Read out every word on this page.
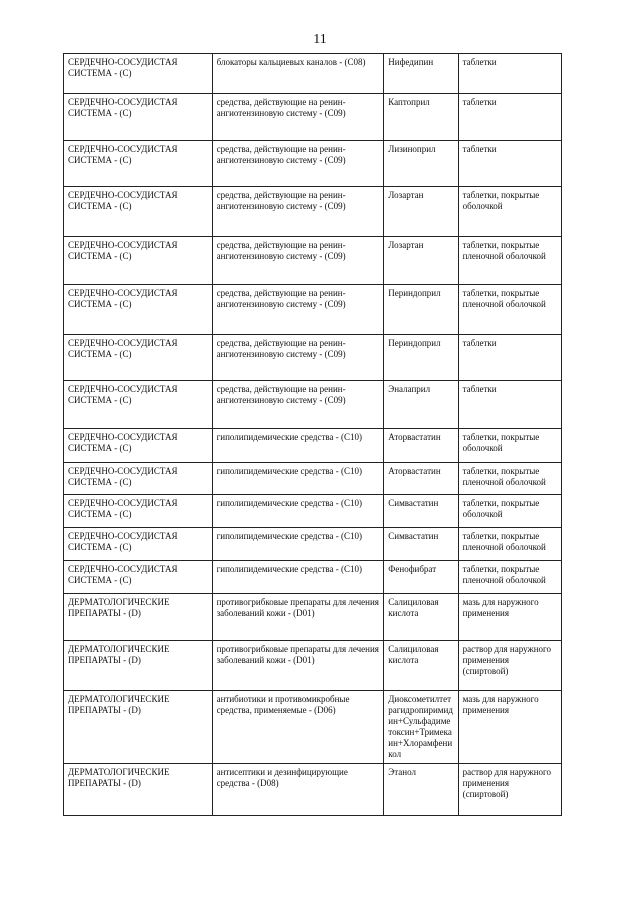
11
СЕРДЕЧНО-СОСУДИСТАЯ СИСТЕМА - (С)	блокаторы кальциевых каналов - (С08)	Нифедипин	таблетки
СЕРДЕЧНО-СОСУДИСТАЯ СИСТЕМА - (С)	средства, действующие на ренин-ангиотензиновую систему - (С09)	Каптоприл	таблетки
СЕРДЕЧНО-СОСУДИСТАЯ СИСТЕМА - (С)	средства, действующие на ренин-ангиотензиновую систему - (С09)	Лизиноприл	таблетки
СЕРДЕЧНО-СОСУДИСТАЯ СИСТЕМА - (С)	средства, действующие на ренин-ангиотензиновую систему - (С09)	Лозартан	таблетки, покрытые оболочкой
СЕРДЕЧНО-СОСУДИСТАЯ СИСТЕМА - (С)	средства, действующие на ренин-ангиотензиновую систему - (С09)	Лозартан	таблетки, покрытые пленочной оболочкой
СЕРДЕЧНО-СОСУДИСТАЯ СИСТЕМА - (С)	средства, действующие на ренин-ангиотензиновую систему - (С09)	Периндоприл	таблетки, покрытые пленочной оболочкой
СЕРДЕЧНО-СОСУДИСТАЯ СИСТЕМА - (С)	средства, действующие на ренин-ангиотензиновую систему - (С09)	Периндоприл	таблетки
СЕРДЕЧНО-СОСУДИСТАЯ СИСТЕМА - (С)	средства, действующие на ренин-ангиотензиновую систему - (С09)	Эналаприл	таблетки
СЕРДЕЧНО-СОСУДИСТАЯ СИСТЕМА - (С)	гиполипидемические средства - (С10)	Аторвастатин	таблетки, покрытые оболочкой
СЕРДЕЧНО-СОСУДИСТАЯ СИСТЕМА - (С)	гиполипидемические средства - (С10)	Аторвастатин	таблетки, покрытые пленочной оболочкой
СЕРДЕЧНО-СОСУДИСТАЯ СИСТЕМА - (С)	гиполипидемические средства - (С10)	Симвастатин	таблетки, покрытые оболочкой
СЕРДЕЧНО-СОСУДИСТАЯ СИСТЕМА - (С)	гиполипидемические средства - (С10)	Симвастатин	таблетки, покрытые пленочной оболочкой
СЕРДЕЧНО-СОСУДИСТАЯ СИСТЕМА - (С)	гиполипидемические средства - (С10)	Фенофибрат	таблетки, покрытые пленочной оболочкой
ДЕРМАТОЛОГИЧЕСКИЕ ПРЕПАРАТЫ - (D)	противогрибковые препараты для лечения заболеваний кожи - (D01)	Салициловая кислота	мазь для наружного применения
ДЕРМАТОЛОГИЧЕСКИЕ ПРЕПАРАТЫ - (D)	противогрибковые препараты для лечения заболеваний кожи - (D01)	Салициловая кислота	раствор для наружного применения (спиртовой)
ДЕРМАТОЛОГИЧЕСКИЕ ПРЕПАРАТЫ - (D)	антибиотики и противомикробные средства, применяемые - (D06)	Диоксометилтетрагидропиримидин+Сульфадиметоксин+Тримекаин+Хлорамфеникол	мазь для наружного применения
ДЕРМАТОЛОГИЧЕСКИЕ ПРЕПАРАТЫ - (D)	антисептики и дезинфицирующие средства - (D08)	Этанол	раствор для наружного применения (спиртовой)
